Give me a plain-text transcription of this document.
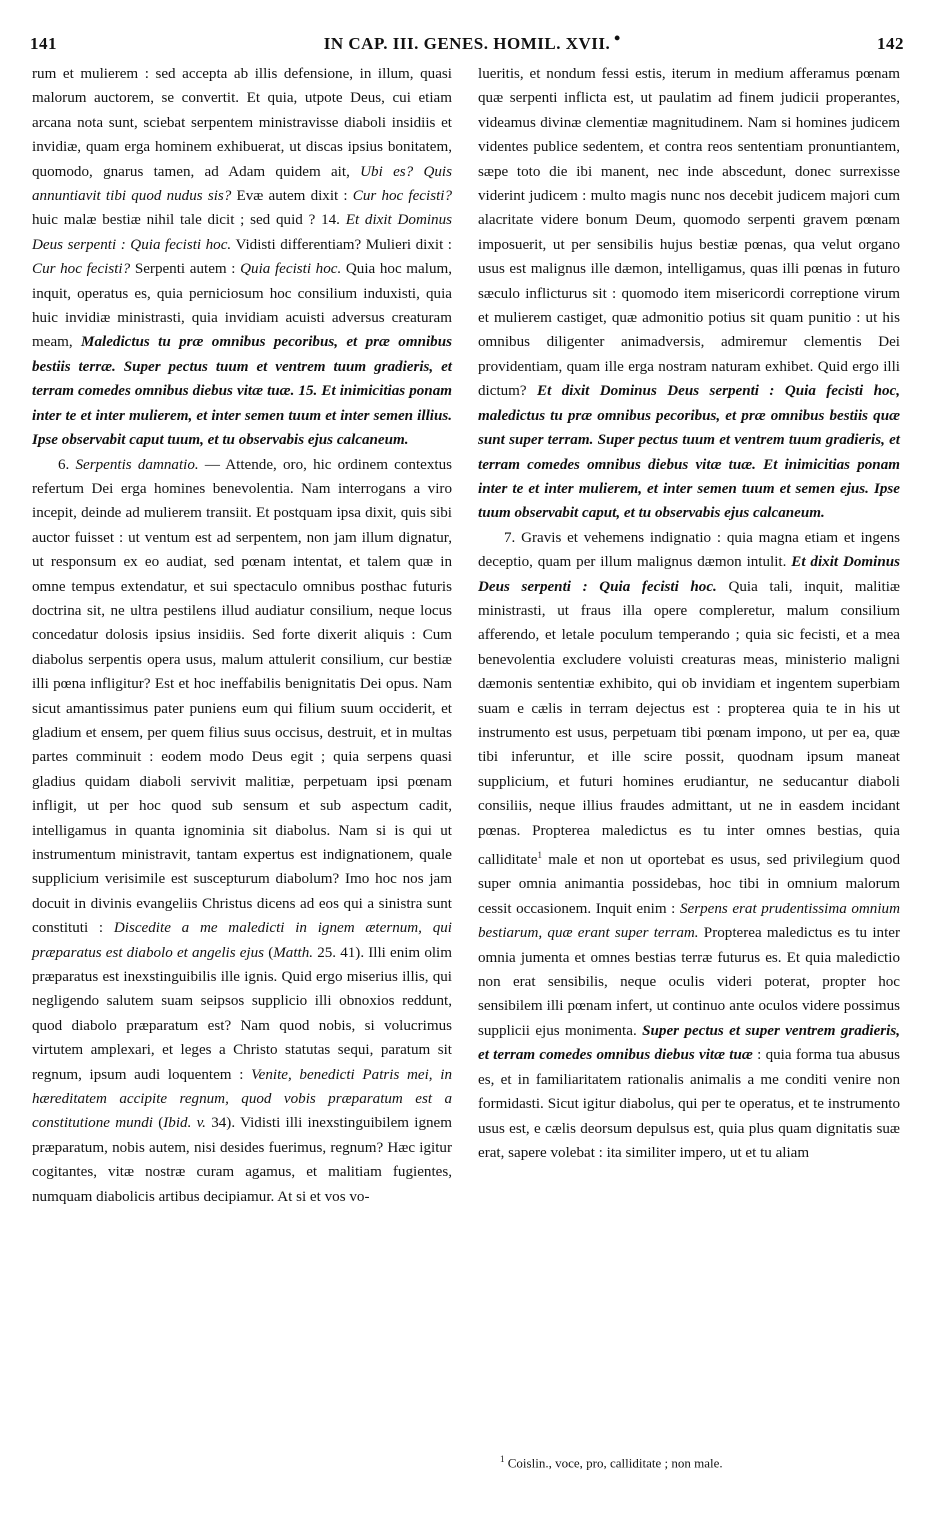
141	IN CAP. III. GENES. HOMIL. XVII.	142
•

rum et mulierem : sed accepta ab illis defensione, in illum, quasi malorum auctorem, se convertit. Et quia, utpote Deus, cui etiam arcana nota sunt, sciebat serpentem ministravisse diaboli insidiis et invidiæ, quam erga hominem exhibuerat, ut discas ipsius bonitatem, quomodo, gnarus tamen, ad Adam quidem ait, Ubi es? Quis annuntiavit tibi quod nudus sis? Evæ autem dixit : Cur hoc fecisti? huic malæ bestiæ nihil tale dicit ; sed quid ? 14. Et dixit Dominus Deus serpenti : Quia fecisti hoc. Vidisti differentiam? Mulieri dixit : Cur hoc fecisti? Serpenti autem : Quia fecisti hoc. Quia hoc malum, inquit, operatus es, quia perniciosum hoc consilium induxisti, quia huic invidiæ ministrasti, quia invidiam acuisti adversus creaturam meam, Maledictus tu præ omnibus pecoribus, et præ omnibus bestiis terræ. Super pectus tuum et ventrem tuum gradieris, et terram comedes omnibus diebus vitæ tuæ. 15. Et inimicitias ponam inter te et inter mulierem, et inter semen tuum et inter semen illius. Ipse observabit caput tuum, et tu observabis ejus calcaneum.

6. Serpentis damnatio. — Attende, oro, hic ordinem contextus refertum Dei erga homines benevolentia. Nam interrogans a viro incepit, deinde ad mulierem transiit. Et postquam ipsa dixit, quis sibi auctor fuisset : ut ventum est ad serpentem, non jam illum dignatur, ut responsum ex eo audiat, sed pœnam intentat, et talem quæ in omne tempus extendatur, et sui spectaculo omnibus posthac futuris doctrina sit, ne ultra pestilens illud audiatur consilium, neque locus concedatur dolosis ipsius insidiis. Sed forte dixerit aliquis : Cum diabolus serpentis opera usus, malum attulerit consilium, cur bestiæ illi pœna infligitur? Est et hoc ineffabilis benignitatis Dei opus. Nam sicut amantissimus pater puniens eum qui filium suum occiderit, et gladium et ensem, per quem filius suus occisus, destruit, et in multas partes comminuit : eodem modo Deus egit ; quia serpens quasi gladius quidam diaboli servivit malitiæ, perpetuam ipsi pœnam infligit, ut per hoc quod sub sensum et sub aspectum cadit, intelligamus in quanta ignominia sit diabolus. Nam si is qui ut instrumentum ministravit, tantam expertus est indignationem, quale supplicium verisimile est suscepturum diabolum? Imo hoc nos jam docuit in divinis evangeliis Christus dicens ad eos qui a sinistra sunt constituti : Discedite a me maledicti in ignem æternum, qui præparatus est diabolo et angelis ejus (Matth. 25. 41). Illi enim olim præparatus est inexstinguibilis ille ignis. Quid ergo miserius illis, qui negligendo salutem suam seipsos supplicio illi obnoxios reddunt, quod diabolo præparatum est? Nam quod nobis, si volucrimus virtutem amplexari, et leges a Christo statutas sequi, paratum sit regnum, ipsum audi loquentem : Venite, benedicti Patris mei, in hæreditatem accipite regnum, quod vobis præparatum est a constitutione mundi (Ibid. v. 34). Vidisti illi inexstinguibilem ignem præparatum, nobis autem, nisi desides fuerimus, regnum? Hæc igitur cogitantes, vitæ nostræ curam agamus, et malitiam fugientes, numquam diabolicis artibus decipiamur. At si et vos vo-

lueritis, et nondum fessi estis, iterum in medium afferamus pœnam quæ serpenti inflicta est, ut paulatim ad finem judicii properantes, videamus divinæ clementiæ magnitudinem. Nam si homines judicem videntes publice sedentem, et contra reos sententiam pronuntiantem, sæpe toto die ibi manent, nec inde abscedunt, donec surrexisse viderint judicem : multo magis nunc nos decebit judicem majori cum alacritate videre bonum Deum, quomodo serpenti gravem pœnam imposuerit, ut per sensibilis hujus bestiæ pœnas, qua velut organo usus est malignus ille dæmon, intelligamus, quas illi pœnas in futuro sæculo inflicturus sit : quomodo item misericordi correptione virum et mulierem castiget, quæ admonitio potius sit quam punitio : ut his omnibus diligenter animadversis, admiremur clementis Dei providentiam, quam ille erga nostram naturam exhibet. Quid ergo illi dictum? Et dixit Dominus Deus serpenti : Quia fecisti hoc, maledictus tu præ omnibus pecoribus, et præ omnibus bestiis quæ sunt super terram. Super pectus tuum et ventrem tuum gradieris, et terram comedes omnibus diebus vitæ tuæ. Et inimicitias ponam inter te et inter mulierem, et inter semen tuum et semen ejus. Ipse tuum observabit caput, et tu observabis ejus calcaneum.

7. Gravis et vehemens indignatio : quia magna etiam et ingens deceptio, quam per illum malignus dæmon intulit. Et dixit Dominus Deus serpenti : Quia fecisti hoc. Quia tali, inquit, malitiæ ministrasti, ut fraus illa opere compleretur, malum consilium afferendo, et letale poculum temperando ; quia sic fecisti, et a mea benevolentia excludere voluisti creaturas meas, ministerio maligni dæmonis sententiæ exhibito, qui ob invidiam et ingentem superbiam suam e cælis in terram dejectus est : propterea quia te in his ut instrumento est usus, perpetuam tibi pœnam impono, ut per ea, quæ tibi inferuntur, et ille scire possit, quodnam ipsum maneat supplicium, et futuri homines erudiantur, ne seducantur diaboli consiliis, neque illius fraudes admittant, ut ne in easdem incidant pœnas. Propterea maledictus es tu inter omnes bestias, quia calliditate$^1$ male et non ut oportebat es usus, sed privilegium quod super omnia animantia possidebas, hoc tibi in omnium malorum cessit occasionem. Inquit enim : Serpens erat prudentissima omnium bestiarum, quæ erant super terram. Propterea maledictus es tu inter omnia jumenta et omnes bestias terræ futurus es. Et quia maledictio non erat sensibilis, neque oculis videri poterat, propter hoc sensibilem illi pœnam infert, ut continuo ante oculos videre possimus supplicii ejus monimenta. Super pectus et super ventrem gradieris, et terram comedes omnibus diebus vitæ tuæ : quia forma tua abusus es, et in familiaritatem rationalis animalis a me conditi venire non formidasti. Sicut igitur diabolus, qui per te operatus, et te instrumento usus est, e cælis deorsum depulsus est, quia plus quam dignitatis suæ erat, sapere volebat : ita similiter impero, ut et tu aliam

$^1$ Coislin., voce, pro, calliditate ; non male.
